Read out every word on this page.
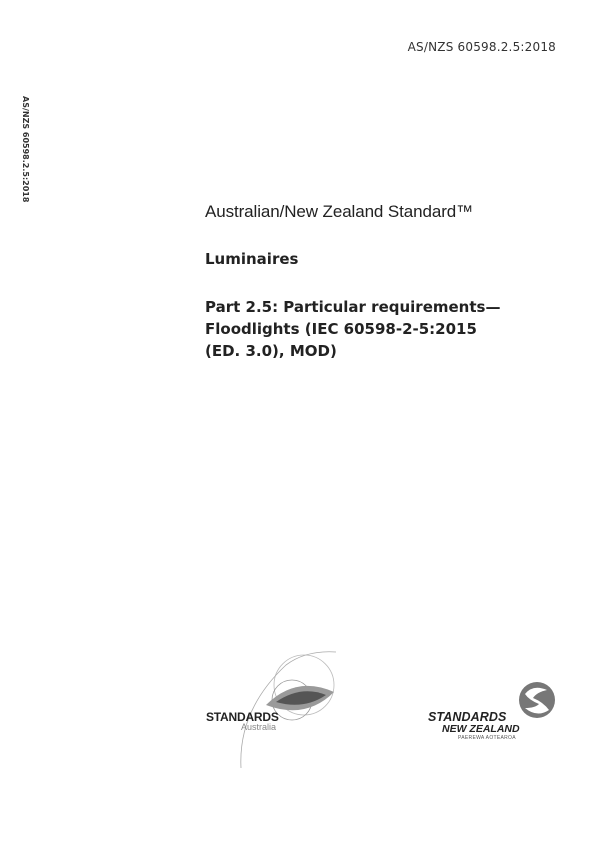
AS/NZS 60598.2.5:2018
AS/NZS 60598.2.5:2018

Australian/New Zealand Standard™

Luminaires

Part 2.5: Particular requirements—
Floodlights (IEC 60598-2-5:2015
(ED. 3.0), MOD)

STANDARDS
Australia
STANDARDS
NEW ZEALAND
PAEREWA AOTEAROA
